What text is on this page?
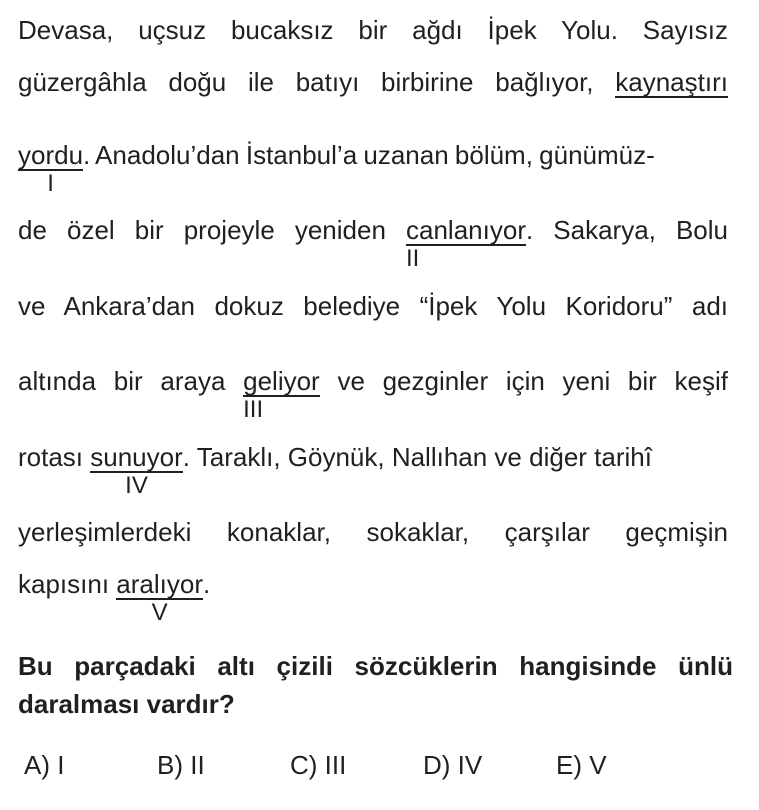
Devasa, uçsuz bucaksız bir ağdı İpek Yolu. Sayısız
güzergâhla doğu ile batıyı birbirine bağlıyor, kaynaştırı
yordu
I
. Anadolu’dan İstanbul’a uzanan bölüm, günümüz-
de özel bir projeyle yeniden canlanıyor
II
. Sakarya, Bolu
ve Ankara’dan dokuz belediye “İpek Yolu Koridoru” adı
altında bir araya geliyor
III
ve gezginler için yeni bir keşif
rotası sunuyor
IV
. Taraklı, Göynük, Nallıhan ve diğer tarihî
yerleşimlerdeki konaklar, sokaklar, çarşılar geçmişin
kapısını aralıyor
V
.
Bu parçadaki altı çizili sözcüklerin hangisinde ünlü
daralması vardır?
A) I	B) II	C) III	D) IV	E) V
